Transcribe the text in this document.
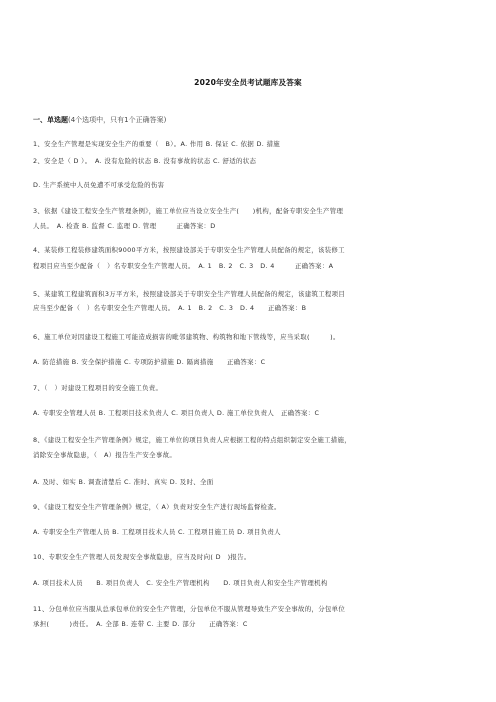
2020年安全员考试题库及答案
一、单选题(4个选项中，只有1个正确答案)
1、安全生产管理是实现安全生产的重要（　B）。A. 作用 B. 保证 C. 依据 D. 措施
2、安全是（ D ）。　A. 没有危险的状态 B. 没有事故的状态 C. 舒适的状态
D. 生产系统中人员免遭不可承受危险的伤害
3、依据《建设工程安全生产管理条例》，施工单位应当设立安全生产(　　)机构，配备专职安全生产管理
人员。　A. 检查 B. 监督 C. 监理 D. 管理　　　正确答案：D
4、某装修工程装修建筑面积9000平方米，按照建设部关于专职安全生产管理人员配备的规定，该装修工
程项目应当至少配备（　）名专职安全生产管理人员。　A. 1　B. 2　C. 3　D. 4　　　正确答案：A
5、某建筑工程建筑面积3万平方米，按照建设部关于专职安全生产管理人员配备的规定，该建筑工程项目
应当至少配备（　）名专职安全生产管理人员。　A. 1　B. 2　C. 3　D. 4　　正确答案：B
6、施工单位对因建设工程施工可能造成损害的毗邻建筑物、构筑物和地下管线等，应当采取(　　　)。
A. 防范措施 B. 安全保护措施 C. 专项防护措施 D. 隔离措施　　正确答案：C
7、（　）对建设工程项目的安全施工负责。
A. 专职安全管理人员 B. 工程项目技术负责人 C. 项目负责人 D. 施工单位负责人　正确答案：C
8、《建设工程安全生产管理条例》规定，施工单位的项目负责人应根据工程的特点组织制定安全施工措施，
消除安全事故隐患，（　A）报告生产安全事故。
A. 及时、如实 B. 调查清楚后 C. 准时、真实 D. 及时、全面
9、《建设工程安全生产管理条例》规定，（ A）负责对安全生产进行现场监督检查。
A. 专职安全生产管理人员 B. 工程项目技术人员 C. 工程项目施工员 D. 项目负责人
10、专职安全生产管理人员发现安全事故隐患，应当及时向( D　)报告。
A. 项目技术人员　　B. 项目负责人　C. 安全生产管理机构　　D. 项目负责人和安全生产管理机构
11、分包单位应当服从总承包单位的安全生产管理，分包单位不服从管理导致生产安全事故的，分包单位
承担(　　　)责任。　A. 全部 B. 连带 C. 主要 D. 部分　　正确答案：C
